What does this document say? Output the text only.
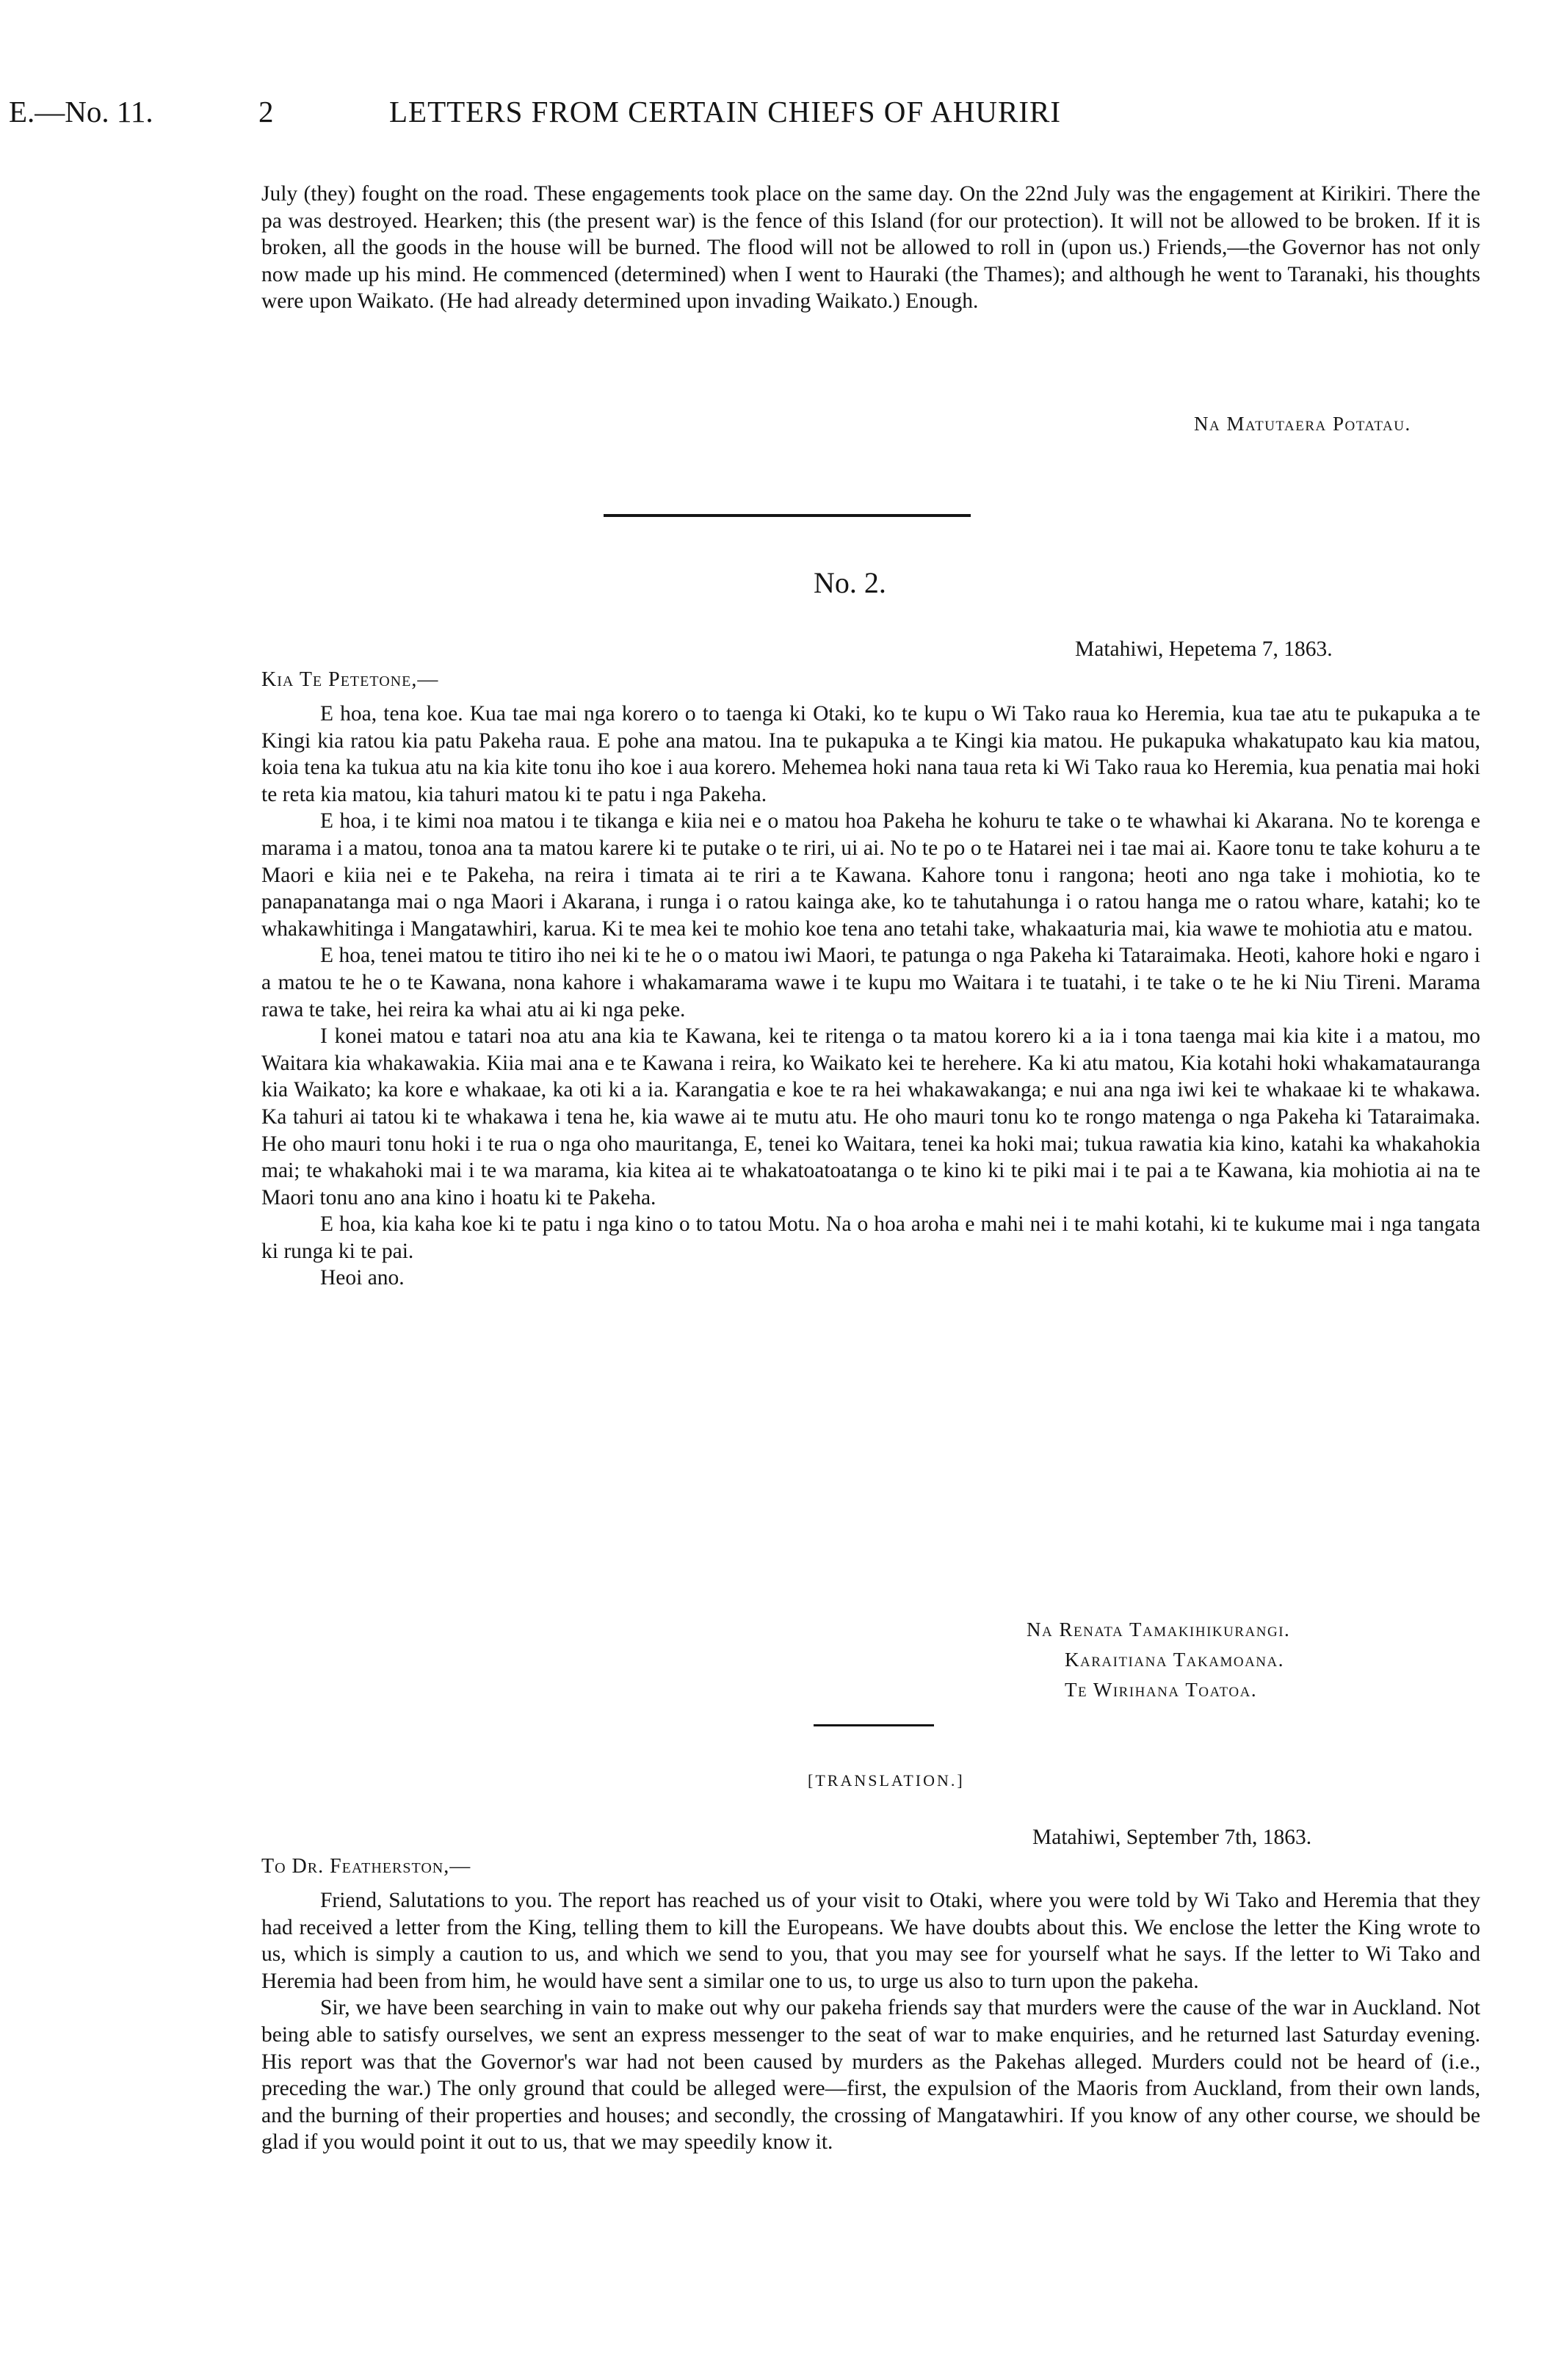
E.—No. 11.	2	LETTERS FROM CERTAIN CHIEFS OF AHURIRI

July (they) fought on the road. These engagements took place on the same day. On the 22nd July was the engagement at Kirikiri. There the pa was destroyed. Hearken; this (the present war) is the fence of this Island (for our protection). It will not be allowed to be broken. If it is broken, all the goods in the house will be burned. The flood will not be allowed to roll in (upon us.) Friends,—the Governor has not only now made up his mind. He commenced (determined) when I went to Hauraki (the Thames); and although he went to Taranaki, his thoughts were upon Waikato. (He had already determined upon invading Waikato.) Enough.

Na Matutaera Potatau.
No. 2.
Matahiwi, Hepetema 7, 1863.
Kia Te Petetone,—

E hoa, tena koe. Kua tae mai nga korero o to taenga ki Otaki, ko te kupu o Wi Tako raua ko Heremia, kua tae atu te pukapuka a te Kingi kia ratou kia patu Pakeha raua. E pohe ana matou. Ina te pukapuka a te Kingi kia matou. He pukapuka whakatupato kau kia matou, koia tena ka tukua atu na kia kite tonu iho koe i aua korero. Mehemea hoki nana taua reta ki Wi Tako raua ko Heremia, kua penatia mai hoki te reta kia matou, kia tahuri matou ki te patu i nga Pakeha.

E hoa, i te kimi noa matou i te tikanga e kiia nei e o matou hoa Pakeha he kohuru te take o te whawhai ki Akarana. No te korenga e marama i a matou, tonoa ana ta matou karere ki te putake o te riri, ui ai. No te po o te Hatarei nei i tae mai ai. Kaore tonu te take kohuru a te Maori e kiia nei e te Pakeha, na reira i timata ai te riri a te Kawana. Kahore tonu i rangona; heoti ano nga take i mohiotia, ko te panapanatanga mai o nga Maori i Akarana, i runga i o ratou kainga ake, ko te tahutahunga i o ratou hanga me o ratou whare, katahi; ko te whakawhitinga i Mangatawhiri, karua. Ki te mea kei te mohio koe tena ano tetahi take, whakaaturia mai, kia wawe te mohiotia atu e matou.

E hoa, tenei matou te titiro iho nei ki te he o o matou iwi Maori, te patunga o nga Pakeha ki Tataraimaka. Heoti, kahore hoki e ngaro i a matou te he o te Kawana, nona kahore i whakamarama wawe i te kupu mo Waitara i te tuatahi, i te take o te he ki Niu Tireni. Marama rawa te take, hei reira ka whai atu ai ki nga peke.

I konei matou e tatari noa atu ana kia te Kawana, kei te ritenga o ta matou korero ki a ia i tona taenga mai kia kite i a matou, mo Waitara kia whakawakia. Kiia mai ana e te Kawana i reira, ko Waikato kei te herehere. Ka ki atu matou, Kia kotahi hoki whakamataurangа kia Waikato; ka kore e whakaae, ka oti ki a ia. Karangatia e koe te ra hei whakawakanga; e nui ana nga iwi kei te whakaae ki te whakawa. Ka tahuri ai tatou ki te whakawa i tena he, kia wawe ai te mutu atu. He oho mauri tonu ko te rongo matenga o nga Pakeha ki Tataraimaka. He oho mauri tonu hoki i te rua o nga oho mauritanga, E, tenei ko Waitara, tenei ka hoki mai; tukua rawatia kia kino, katahi ka whakahokia mai; te whakahoki mai i te wa marama, kia kitea ai te whakatoatoatanga o te kino ki te piki mai i te pai a te Kawana, kia mohiotia ai na te Maori tonu ano ana kino i hoatu ki te Pakeha.

E hoa, kia kaha koe ki te patu i nga kino o to tatou Motu. Na o hoa aroha e mahi nei i te mahi kotahi, ki te kukume mai i nga tangata ki runga ki te pai.

Heoi ano.

Na Renata Tamakihikurangi.
Karaitiana Takamoana.
Te Wirihana Toatoa.
[TRANSLATION.]
Matahiwi, September 7th, 1863.
To Dr. Featherston,—

Friend, Salutations to you. The report has reached us of your visit to Otaki, where you were told by Wi Tako and Heremia that they had received a letter from the King, telling them to kill the Europeans. We have doubts about this. We enclose the letter the King wrote to us, which is simply a caution to us, and which we send to you, that you may see for yourself what he says. If the letter to Wi Tako and Heremia had been from him, he would have sent a similar one to us, to urge us also to turn upon the pakeha.

Sir, we have been searching in vain to make out why our pakeha friends say that murders were the cause of the war in Auckland. Not being able to satisfy ourselves, we sent an express messenger to the seat of war to make enquiries, and he returned last Saturday evening. His report was that the Governor's war had not been caused by murders as the Pakehas alleged. Murders could not be heard of (i.e., preceding the war.) The only ground that could be alleged were—first, the expulsion of the Maoris from Auckland, from their own lands, and the burning of their properties and houses; and secondly, the crossing of Mangatawhiri. If you know of any other course, we should be glad if you would point it out to us, that we may speedily know it.
